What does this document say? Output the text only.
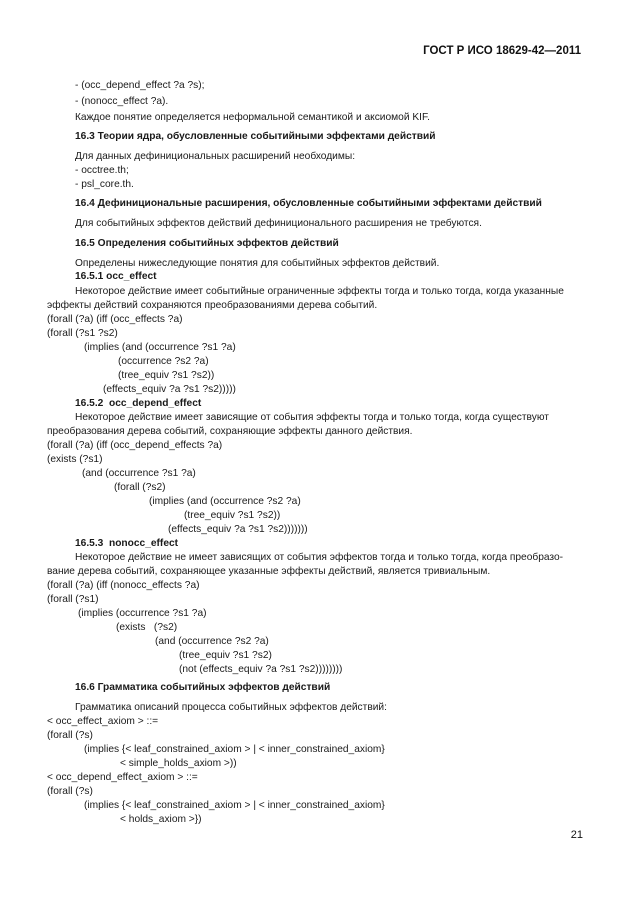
ГОСТ Р ИСО 18629-42—2011
- (occ_depend_effect ?a ?s);
- (nonocc_effect ?a).
Каждое понятие определяется неформальной семантикой и аксиомой KIF.
16.3 Теории ядра, обусловленные событийными эффектами действий
Для данных дефинициональных расширений необходимы:
- occtree.th;
- psl_core.th.
16.4 Дефинициональные расширения, обусловленные событийными эффектами действий
Для событийных эффектов действий дефиниционального расширения не требуются.
16.5 Определения событийных эффектов действий
Определены нижеследующие понятия для событийных эффектов действий.
16.5.1 occ_effect
Некоторое действие имеет событийные ограниченные эффекты тогда и только тогда, когда указанные
эффекты действий сохраняются преобразованиями дерева событий.
(forall (?a) (iff (occ_effects ?a)
(forall (?s1 ?s2)
(implies (and (occurrence ?s1 ?a)
(occurrence ?s2 ?a)
(tree_equiv ?s1 ?s2))
(effects_equiv ?a ?s1 ?s2)))))
16.5.2  occ_depend_effect
Некоторое действие имеет зависящие от события эффекты тогда и только тогда, когда существуют
преобразования дерева событий, сохраняющие эффекты данного действия.
(forall (?a) (iff (occ_depend_effects ?a)
(exists (?s1)
(and (occurrence ?s1 ?a)
(forall (?s2)
(implies (and (occurrence ?s2 ?a)
(tree_equiv ?s1 ?s2))
(effects_equiv ?a ?s1 ?s2)))))))
16.5.3  nonocc_effect
Некоторое действие не имеет зависящих от события эффектов тогда и только тогда, когда преобразо-
вание дерева событий, сохраняющее указанные эффекты действий, является тривиальным.
(forall (?a) (iff (nonocc_effects ?a)
(forall (?s1)
(implies (occurrence ?s1 ?a)
(exists   (?s2)
(and (occurrence ?s2 ?a)
(tree_equiv ?s1 ?s2)
(not (effects_equiv ?a ?s1 ?s2))))))))
16.6 Грамматика событийных эффектов действий
Грамматика описаний процесса событийных эффектов действий:
< occ_effect_axiom > ::=
(forall (?s)
(implies {< leaf_constrained_axiom > | < inner_constrained_axiom}
< simple_holds_axiom >))
< occ_depend_effect_axiom > ::=
(forall (?s)
(implies {< leaf_constrained_axiom > | < inner_constrained_axiom}
< holds_axiom >})
21
